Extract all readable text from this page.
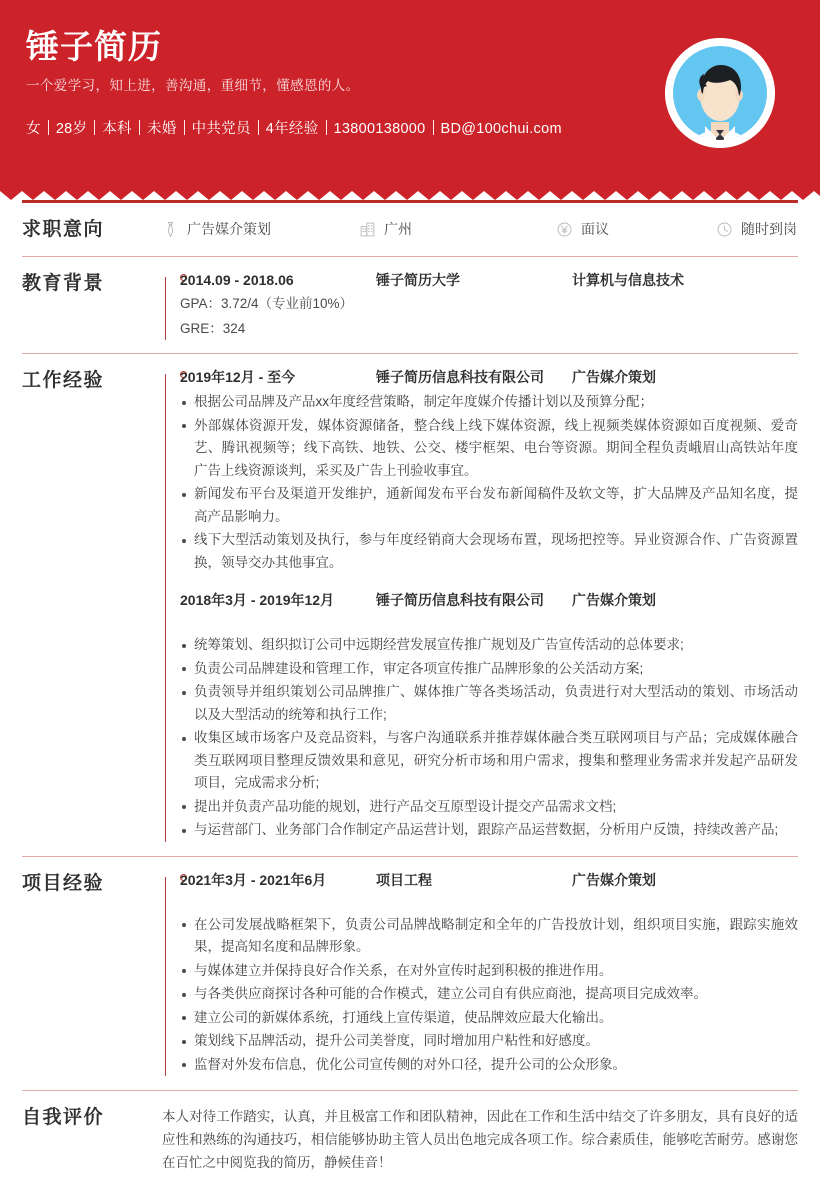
锤子简历
一个爱学习，知上进，善沟通，重细节，懂感恩的人。
女 28岁 本科 未婚 中共党员 4年经验 13800138000 BD@100chui.com
求职意向	广告媒介策划	广州	面议	随时到岗
教育背景	2014.09 - 2018.06	锤子简历大学	计算机与信息技术
GPA：3.72/4（专业前10%）
GRE：324
工作经验	2019年12月 - 至今	锤子简历信息科技有限公司	广告媒介策划
根据公司品牌及产品xx年度经营策略，制定年度媒介传播计划以及预算分配；
外部媒体资源开发，媒体资源储备，整合线上线下媒体资源，线上视频类媒体资源如百度视频、爱奇艺、腾讯视频等；线下高铁、地铁、公交、楼宇框架、电台等资源。期间全程负责峨眉山高铁站年度广告上线资源谈判，采买及广告上刊验收事宜。
新闻发布平台及渠道开发维护，通新闻发布平台发布新闻稿件及软文等，扩大品牌及产品知名度，提高产品影响力。
线下大型活动策划及执行，参与年度经销商大会现场布置，现场把控等。异业资源合作、广告资源置换，领导交办其他事宜。
2018年3月 - 2019年12月	锤子简历信息科技有限公司	广告媒介策划
统筹策划、组织拟订公司中远期经营发展宣传推广规划及广告宣传活动的总体要求;
负责公司品牌建设和管理工作，审定各项宣传推广品牌形象的公关活动方案;
负责领导并组织策划公司品牌推广、媒体推广等各类场活动，负责进行对大型活动的策划、市场活动以及大型活动的统筹和执行工作;
收集区域市场客户及竞品资料，与客户沟通联系并推荐媒体融合类互联网项目与产品；完成媒体融合类互联网项目整理反馈效果和意见，研究分析市场和用户需求，搜集和整理业务需求并发起产品研发项目，完成需求分析;
提出并负责产品功能的规划，进行产品交互原型设计提交产品需求文档;
与运营部门、业务部门合作制定产品运营计划，跟踪产品运营数据，分析用户反馈，持续改善产品;
项目经验	2021年3月 - 2021年6月	项目工程	广告媒介策划
在公司发展战略框架下，负责公司品牌战略制定和全年的广告投放计划，组织项目实施，跟踪实施效果，提高知名度和品牌形象。
与媒体建立并保持良好合作关系，在对外宣传时起到积极的推进作用。
与各类供应商探讨各种可能的合作模式，建立公司自有供应商池，提高项目完成效率。
建立公司的新媒体系统，打通线上宣传渠道，使品牌效应最大化输出。
策划线下品牌活动，提升公司美誉度，同时增加用户粘性和好感度。
监督对外发布信息，优化公司宣传侧的对外口径，提升公司的公众形象。
自我评价	本人对待工作踏实，认真，并且极富工作和团队精神，因此在工作和生活中结交了许多朋友，具有良好的适应性和熟练的沟通技巧，相信能够协助主管人员出色地完成各项工作。综合素质佳，能够吃苦耐劳。感谢您在百忙之中阅览我的简历，静候佳音！
